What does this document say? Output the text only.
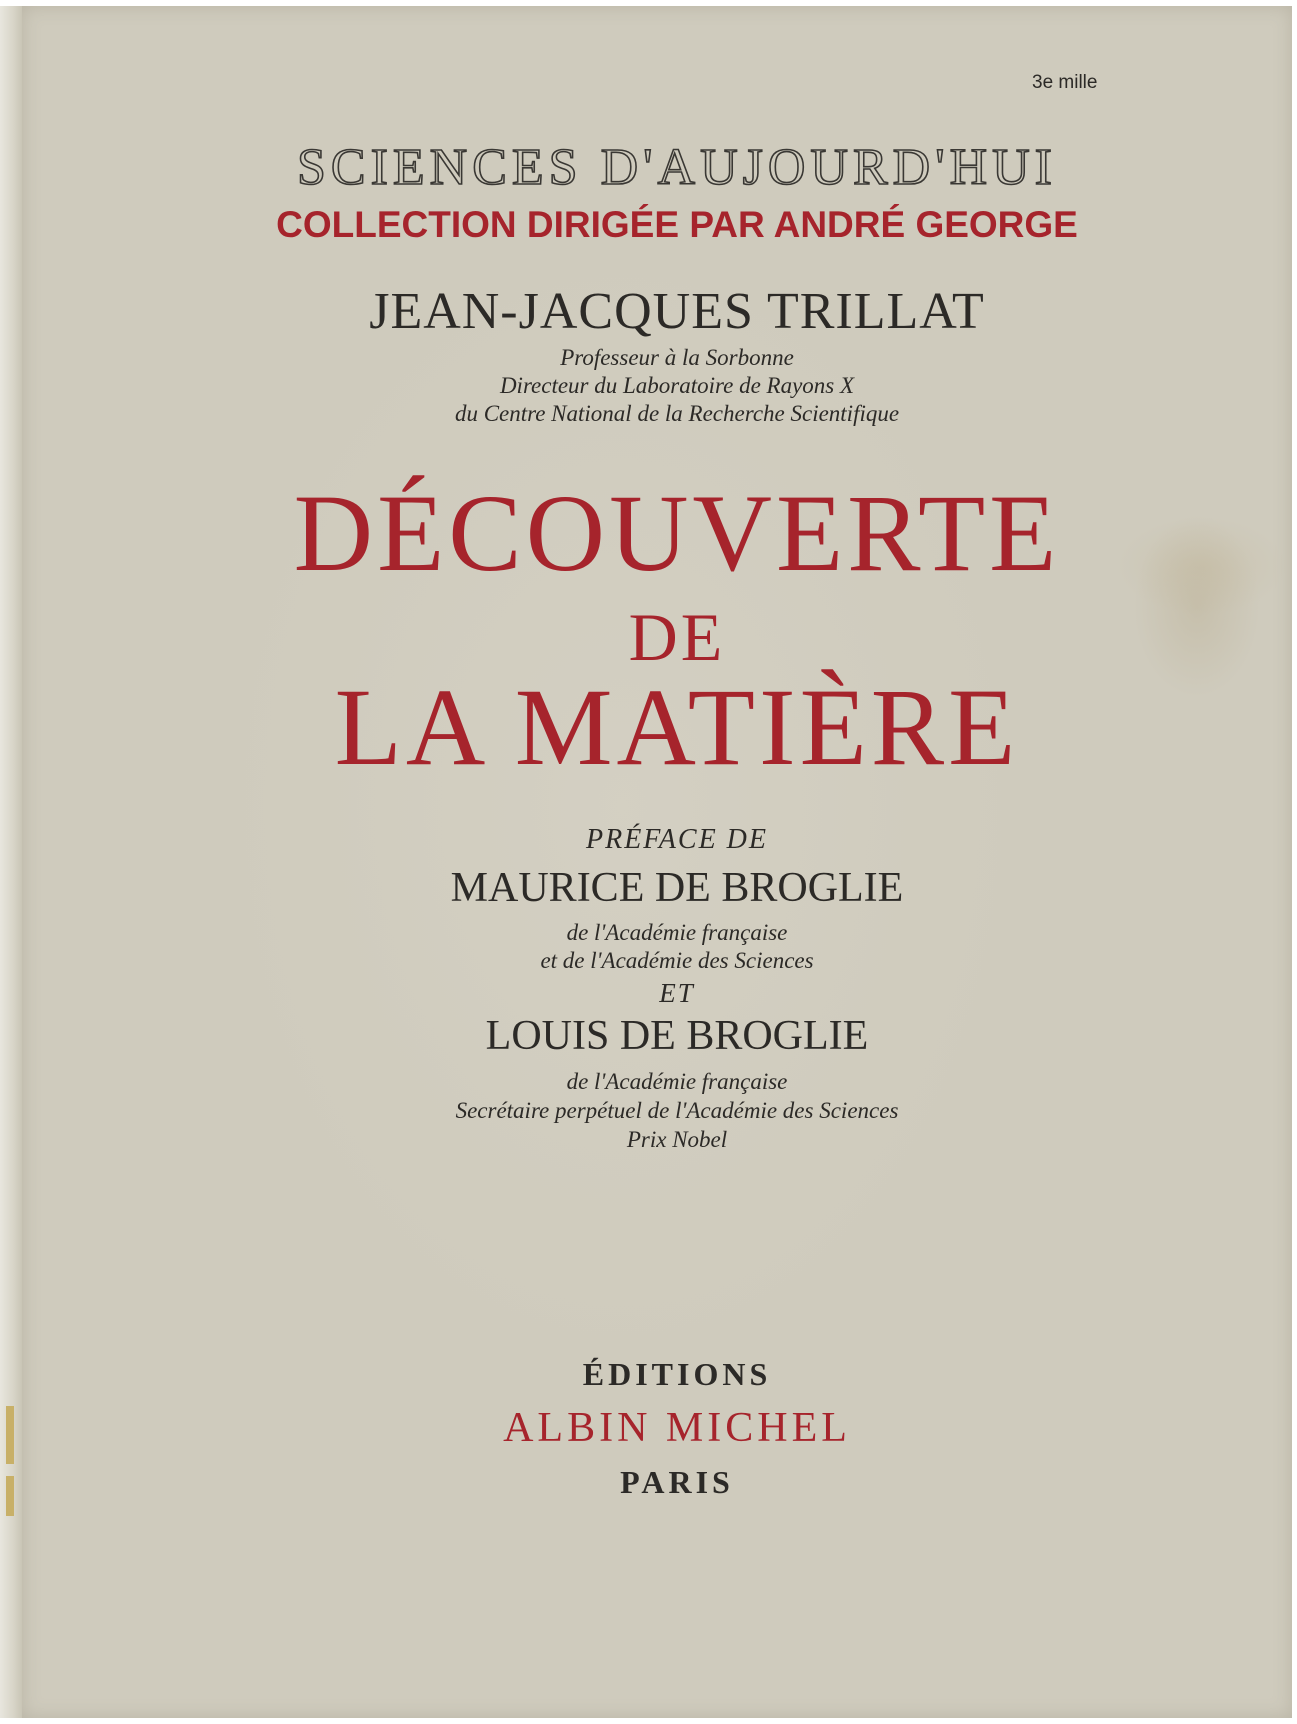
3e mille
SCIENCES D'AUJOURD'HUI
COLLECTION DIRIGÉE PAR ANDRÉ GEORGE
JEAN-JACQUES TRILLAT
Professeur à la Sorbonne
Directeur du Laboratoire de Rayons X
du Centre National de la Recherche Scientifique
DÉCOUVERTE
DE
LA MATIÈRE
PRÉFACE DE
MAURICE DE BROGLIE
de l'Académie française
et de l'Académie des Sciences
ET
LOUIS DE BROGLIE
de l'Académie française
Secrétaire perpétuel de l'Académie des Sciences
Prix Nobel
ÉDITIONS
ALBIN MICHEL
PARIS
